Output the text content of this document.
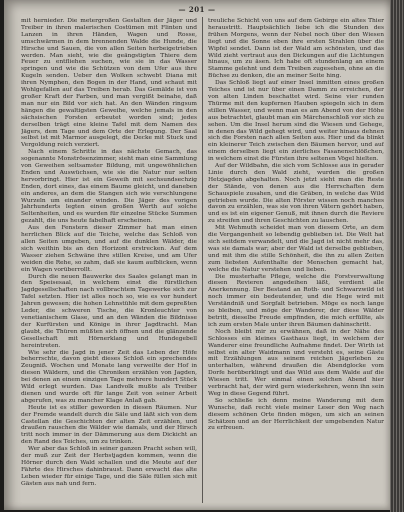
— 201 —

mit hernieder. Die metergroßen Gestalten der Jäger und Treiber in ihren malerischen Costümen mit Flinten und Lanzen in ihren Händen, Wagen und Rosse, umschwärmen in dem brennenden Walde die Hunde, die Hirsche und Sauen, die von allen Seiten herbeigetrieben werden. Man sieht, wie die geängstigten Thiere dem Feuer zu entfliehen suchen, wie sie in das Wasser springen und wie die Schützen von dem Ufer aus ihre Kugeln senden. Ueber den Wolken schwebt Diana mit ihren Nymphen, den Bogen in der Hand, und schaut mit Wohlgefallen auf das Treiben herab. Das Gemälde ist von großer Kraft der Farben, und man vergißt beinahe, daß man nur ein Bild vor sich hat. An den Wänden ringsum hängen die gewaltigsten Geweihe, welche jemals in den sächsischen Forsten erbeutet worden sind; jedes derselben trägt eine kleine Tafel mit dem Namen des Jägers, dem Tage und dem Orte der Erlegung. Der Saal selbst ist mit Marmor ausgelegt, die Decke mit Stuck und Vergoldung reich verziert.

Nach einem Schritte in das nächste Gemach, das sogenannte Monströsenzimmer, sieht man eine Sammlung von Geweihen seltsamster Bildung, mit ungewöhnlichen Enden und Auswüchsen, wie sie die Natur nur selten hervorbringt. Hier ist ein Geweih mit sechsundsechzig Enden, dort eines, das einem Baume gleicht, und daneben ein anderes, an dem die Stangen sich wie verschlungene Wurzeln um einander winden. Die Jäger des vorigen Jahrhunderts legten einen großen Werth auf solche Seltenheiten, und es wurden für einzelne Stücke Summen gezahlt, die uns heute fabelhaft erscheinen.

Aus den Fenstern dieser Zimmer hat man einen herrlichen Blick auf die Teiche, welche das Schloß von allen Seiten umgeben, und auf die dunklen Wälder, die sich weithin bis an den Horizont erstrecken. Auf dem Wasser ziehen Schwäne ihre stillen Kreise, und am Ufer weiden die Rehe, so zahm, daß sie kaum aufblicken, wenn ein Wagen vorüberrollt.

Durch die neuen Bauwerke des Saales gelangt man in den Speisesaal, in welchem einst die fürstlichen Jagdgesellschaften nach vollbrachtem Tagewerke sich zur Tafel setzten. Hier ist alles noch so, wie es vor hundert Jahren gewesen; die hohen Lehnstühle mit dem gepreßten Leder, die schweren Tische, die Kronleuchter von venetianischem Glase, und an den Wänden die Bildnisse der Kurfürsten und Könige in ihrer Jagdtracht. Man glaubt, die Thüren müßten sich öffnen und die glänzende Gesellschaft mit Hörnerklang und Hundegebell hereintreten.

Wie sehr die Jagd in jener Zeit das Leben der Höfe beherrschte, davon giebt dieses Schloß ein sprechendes Zeugniß. Wochen und Monate lang verweilte der Hof in diesen Wäldern, und die Chroniken erzählen von Jagden, bei denen an einem einzigen Tage mehrere hundert Stück Wild erlegt wurden. Das Landvolk mußte als Treiber dienen und wurde oft für lange Zeit von seiner Arbeit abgerufen, was zu mancher Klage Anlaß gab.

Heute ist es stiller geworden in diesen Räumen. Nur der Fremde wandelt durch die Säle und läßt sich von dem Castellan die Geschichten der alten Zeit erzählen, und draußen rauschen die Wälder wie damals, und der Hirsch tritt noch immer in der Dämmerung aus dem Dickicht an den Rand des Teiches, um zu trinken.

Wer aber das Schloß in seiner ganzen Pracht sehen will, der muß zur Zeit der Herbstjagden kommen, wenn die Hörner durch den Wald schallen und die Meute auf der Fährte des Hirsches dahinbraust. Dann erwacht das alte Leben wieder für einige Tage, und die Säle füllen sich mit Gästen aus nah und fern.

treuliche Schicht von uns auf dem Gebirge ein altes Thier heraustritt. Hauptsächlich liebe ich die Stunden des frühen Morgens, wenn der Nebel noch über den Wiesen liegt und die Sonne eben ihre ersten Strahlen über die Wipfel sendet. Dann ist der Wald am schönsten, und das Wild zieht vertraut aus den Dickungen auf die Lichtungen hinaus, um zu äsen. Ich habe oft stundenlang an einem Stamme gelehnt und dem Treiben zugesehen, ohne an die Büchse zu denken, die an meiner Seite hing.

Das Schloß liegt auf einer Insel inmitten eines großen Teiches und ist nur über einen Damm zu erreichen, der von alten Linden beschattet wird. Seine vier runden Thürme mit den kupfernen Hauben spiegeln sich in dem stillen Wasser, und wenn man es am Abend von der Höhe aus betrachtet, glaubt man ein Märchenschloß vor sich zu sehen. Um die Insel herum sind die Wiesen und Gehege, in denen das Wild gehegt wird, und weiter hinaus dehnen sich die Forsten nach allen Seiten aus. Hier und da blinkt ein kleinerer Teich zwischen den Bäumen hervor, und auf einem derselben liegt ein zierliches Fasanenschlößchen, in welchem einst die Fürsten ihre seltenen Vögel hielten.

Auf der Wildbahn, die sich vom Schlosse aus in gerader Linie durch den Wald zieht, wurden die großen Hetzjagden abgehalten. Noch jetzt sieht man die Reste der Stände, von denen aus die Herrschaften dem Schauspiele zusahen, und die Gräben, in welche das Wild getrieben wurde. Die alten Förster wissen noch manches davon zu erzählen, was sie von ihren Vätern gehört haben, und es ist ein eigener Genuß, mit ihnen durch die Reviere zu streifen und ihren Geschichten zu lauschen.

Mit Wehmuth scheidet man von diesem Orte, an dem die Vergangenheit so lebendig geblieben ist. Die Welt hat sich seitdem verwandelt, und die Jagd ist nicht mehr das, was sie damals war; aber der Wald ist derselbe geblieben, und mit ihm die stille Schönheit, die ihn zu allen Zeiten zum liebsten Aufenthalte der Menschen gemacht hat, welche die Natur verstehen und lieben.

Die musterhafte Pflege, welche die Forstverwaltung diesen Revieren angedeihen läßt, verdient alle Anerkennung. Der Bestand an Roth- und Schwarzwild ist noch immer ein bedeutender, und die Hege wird mit Verständniß und Sorgfalt betrieben. Möge es noch lange so bleiben, und möge der Wanderer, der diese Wälder betritt, dieselbe Freude empfinden, die mich erfüllte, als ich zum ersten Male unter ihren Bäumen dahinschritt.

Noch bleibt mir zu erwähnen, daß in der Nähe des Schlosses ein kleines Gasthaus liegt, in welchem der Wanderer eine freundliche Aufnahme findet. Der Wirth ist selbst ein alter Waidmann und versteht es, seine Gäste mit Erzählungen aus seinem reichen Jägerleben zu unterhalten, während draußen die Abendglocke vom Dorfe herüberklingt und das Wild aus dem Walde auf die Wiesen tritt. Wer einmal einen solchen Abend hier verbracht hat, der wird gern wiederkehren, wenn ihn sein Weg in diese Gegend führt.

So schließe ich denn meine Wanderung mit dem Wunsche, daß recht viele meiner Leser den Weg nach diesem schönen Orte finden mögen, um sich an seinen Schätzen und an der Herrlichkeit der umgebenden Natur zu erfreuen.
